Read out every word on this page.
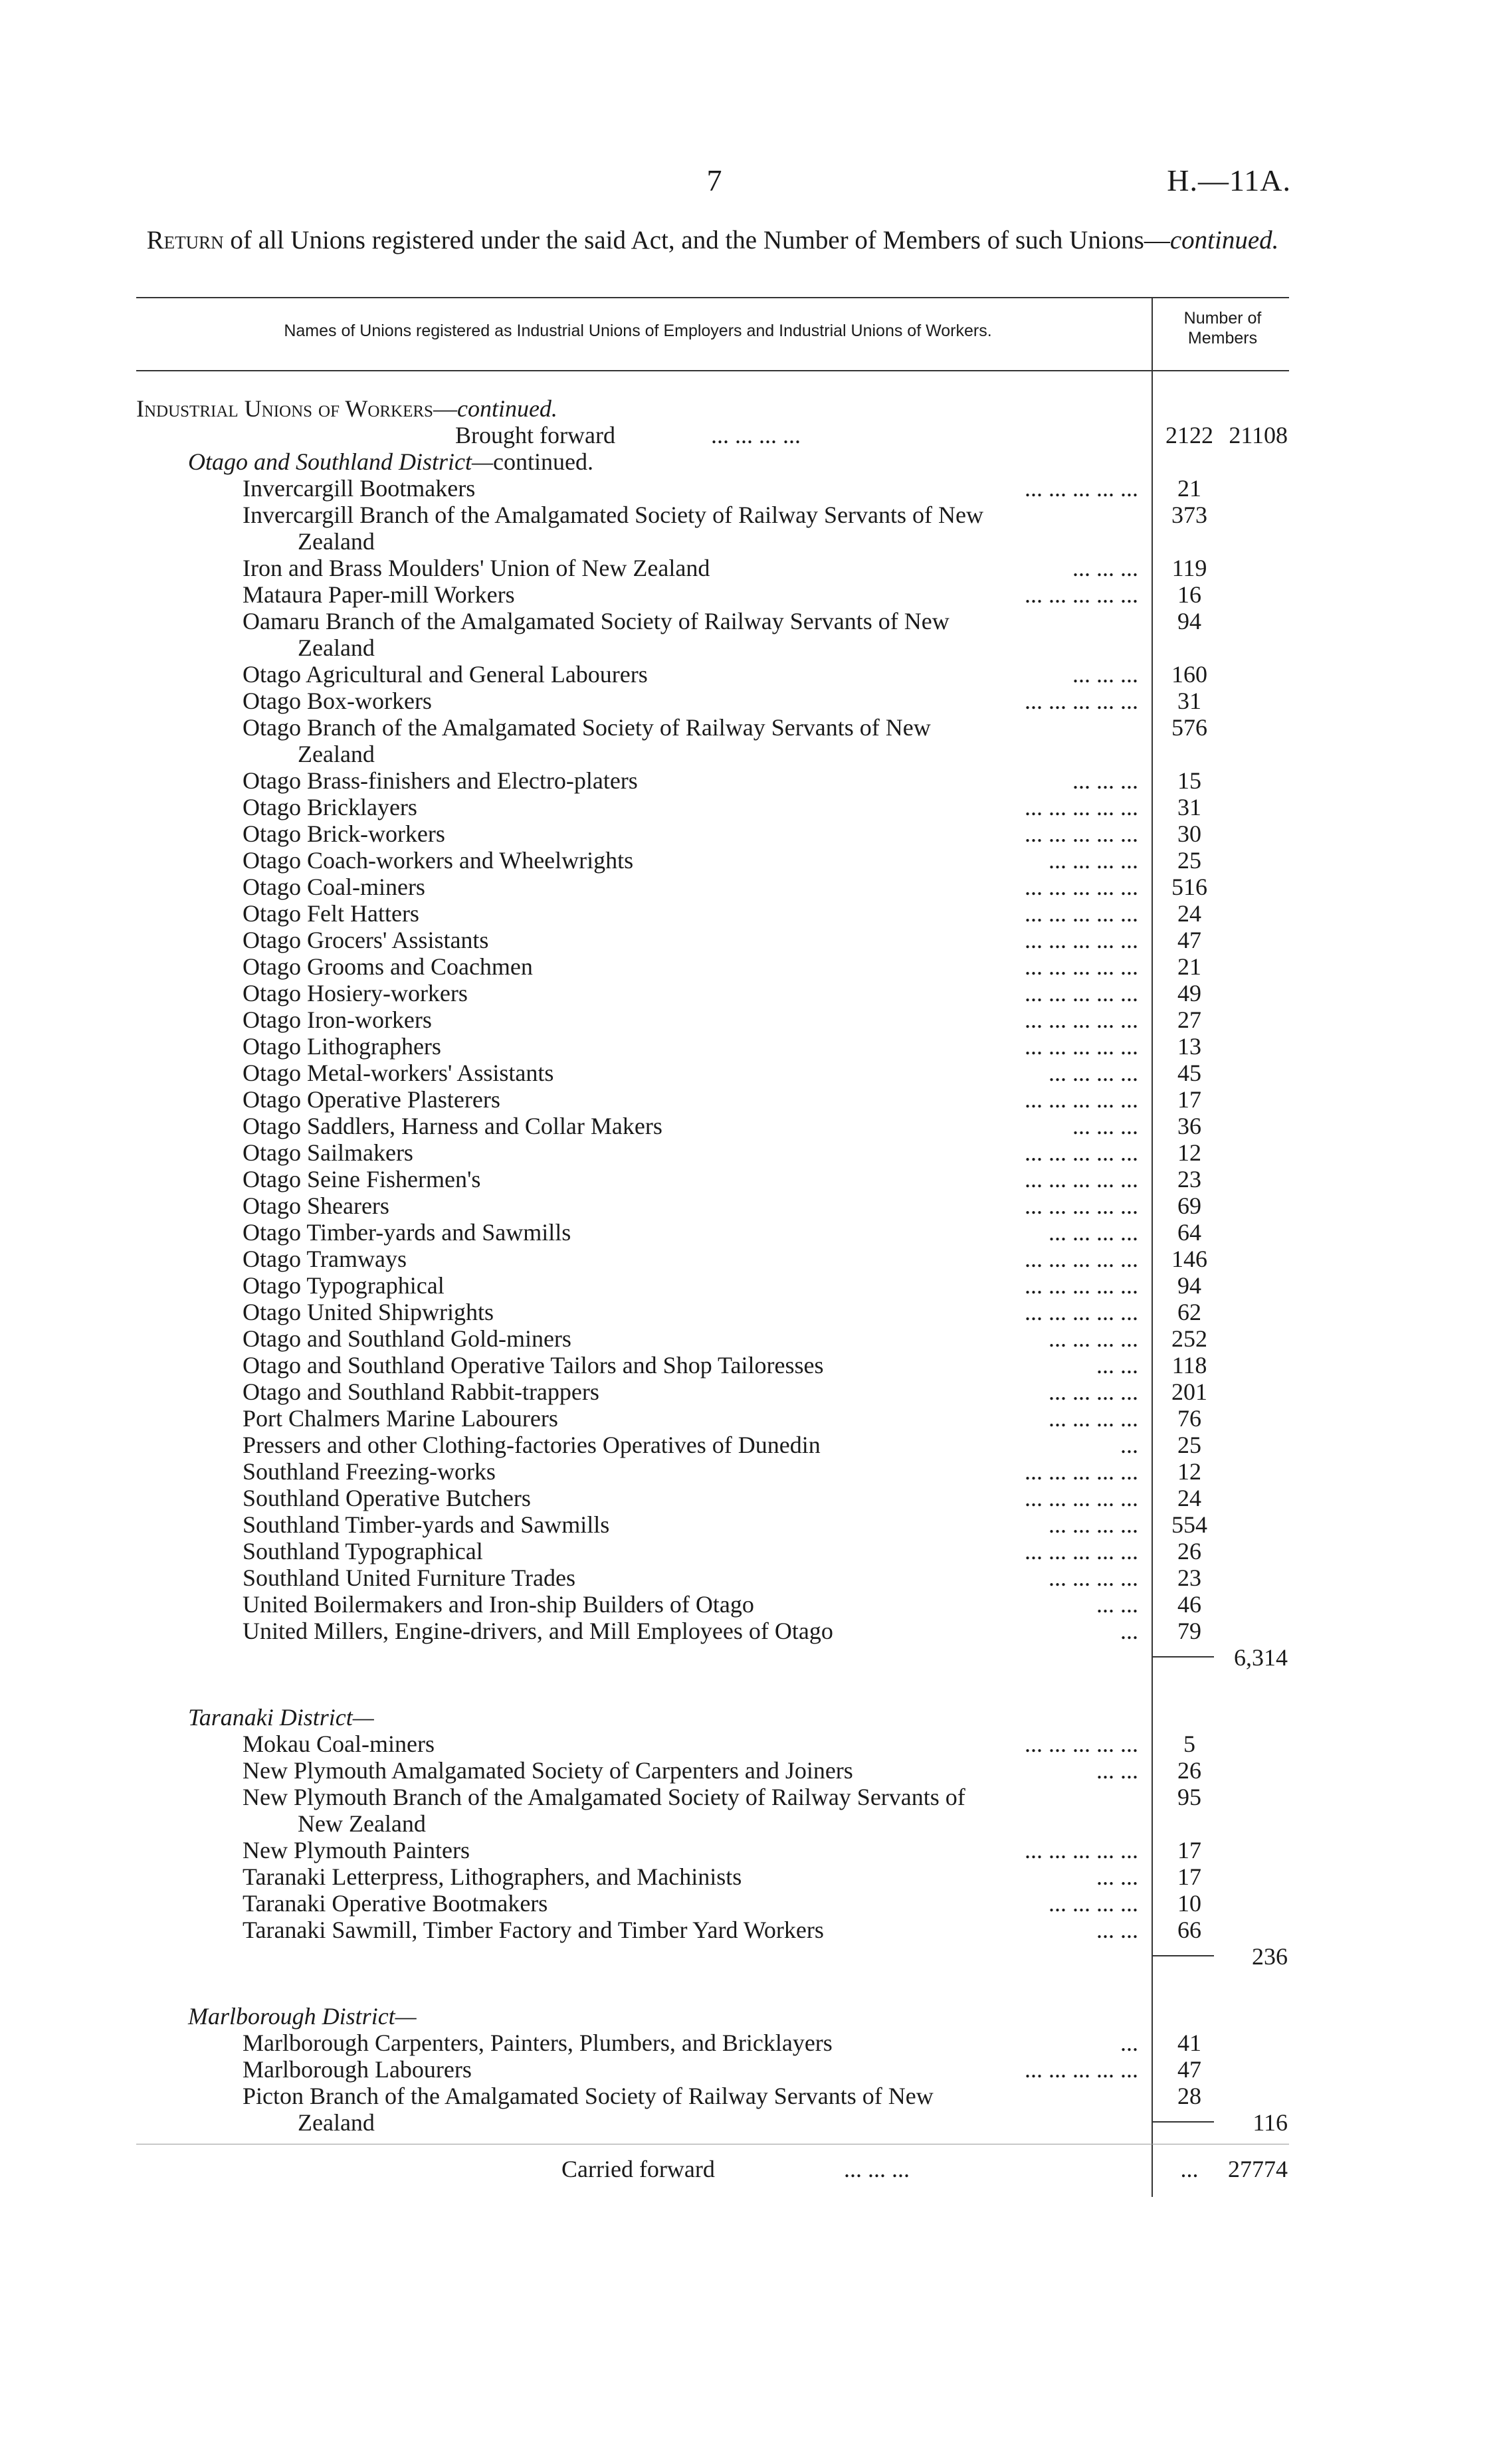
7	H.—11A.
Return of all Unions registered under the said Act, and the Number of Members of such Unions—continued.
Names of Unions registered as Industrial Unions of Employers and Industrial Unions of Workers.
Number of Members
Industrial Unions of Workers—continued.
Brought forward	... ... ... ...	2122 21108
Otago and Southland District—continued.
Invercargill Bootmakers	... ... ... ... ...	21
Invercargill Branch of the Amalgamated Society of Railway Servants of New	373
Zealand
Iron and Brass Moulders' Union of New Zealand	... ... ...	119
Mataura Paper-mill Workers	... ... ... ... ...	16
Oamaru Branch of the Amalgamated Society of Railway Servants of New	94
Zealand
Otago Agricultural and General Labourers	... ... ...	160
Otago Box-workers	... ... ... ... ...	31
Otago Branch of the Amalgamated Society of Railway Servants of New	576
Zealand
Otago Brass-finishers and Electro-platers	... ... ...	15
Otago Bricklayers	... ... ... ... ...	31
Otago Brick-workers	... ... ... ... ...	30
Otago Coach-workers and Wheelwrights	... ... ... ...	25
Otago Coal-miners	... ... ... ... ...	516
Otago Felt Hatters	... ... ... ... ...	24
Otago Grocers' Assistants	... ... ... ... ...	47
Otago Grooms and Coachmen	... ... ... ... ...	21
Otago Hosiery-workers	... ... ... ... ...	49
Otago Iron-workers	... ... ... ... ...	27
Otago Lithographers	... ... ... ... ...	13
Otago Metal-workers' Assistants	... ... ... ...	45
Otago Operative Plasterers	... ... ... ... ...	17
Otago Saddlers, Harness and Collar Makers	... ... ...	36
Otago Sailmakers	... ... ... ... ...	12
Otago Seine Fishermen's	... ... ... ... ...	23
Otago Shearers	... ... ... ... ...	69
Otago Timber-yards and Sawmills	... ... ... ...	64
Otago Tramways	... ... ... ... ...	146
Otago Typographical	... ... ... ... ...	94
Otago United Shipwrights	... ... ... ... ...	62
Otago and Southland Gold-miners	... ... ... ...	252
Otago and Southland Operative Tailors and Shop Tailoresses	... ...	118
Otago and Southland Rabbit-trappers	... ... ... ...	201
Port Chalmers Marine Labourers	... ... ... ...	76
Pressers and other Clothing-factories Operatives of Dunedin	...	25
Southland Freezing-works	... ... ... ... ...	12
Southland Operative Butchers	... ... ... ... ...	24
Southland Timber-yards and Sawmills	... ... ... ...	554
Southland Typographical	... ... ... ... ...	26
Southland United Furniture Trades	... ... ... ...	23
United Boilermakers and Iron-ship Builders of Otago	... ...	46
United Millers, Engine-drivers, and Mill Employees of Otago	...	79
6,314
Taranaki District—
Mokau Coal-miners	... ... ... ... ...	5
New Plymouth Amalgamated Society of Carpenters and Joiners	... ...	26
New Plymouth Branch of the Amalgamated Society of Railway Servants of	95
New Zealand
New Plymouth Painters	... ... ... ... ...	17
Taranaki Letterpress, Lithographers, and Machinists	... ...	17
Taranaki Operative Bootmakers	... ... ... ...	10
Taranaki Sawmill, Timber Factory and Timber Yard Workers	... ...	66
236
Marlborough District—
Marlborough Carpenters, Painters, Plumbers, and Bricklayers	...	41
Marlborough Labourers	... ... ... ... ...	47
Picton Branch of the Amalgamated Society of Railway Servants of New	28
Zealand	116
Carried forward	... ... ...	...	27774
